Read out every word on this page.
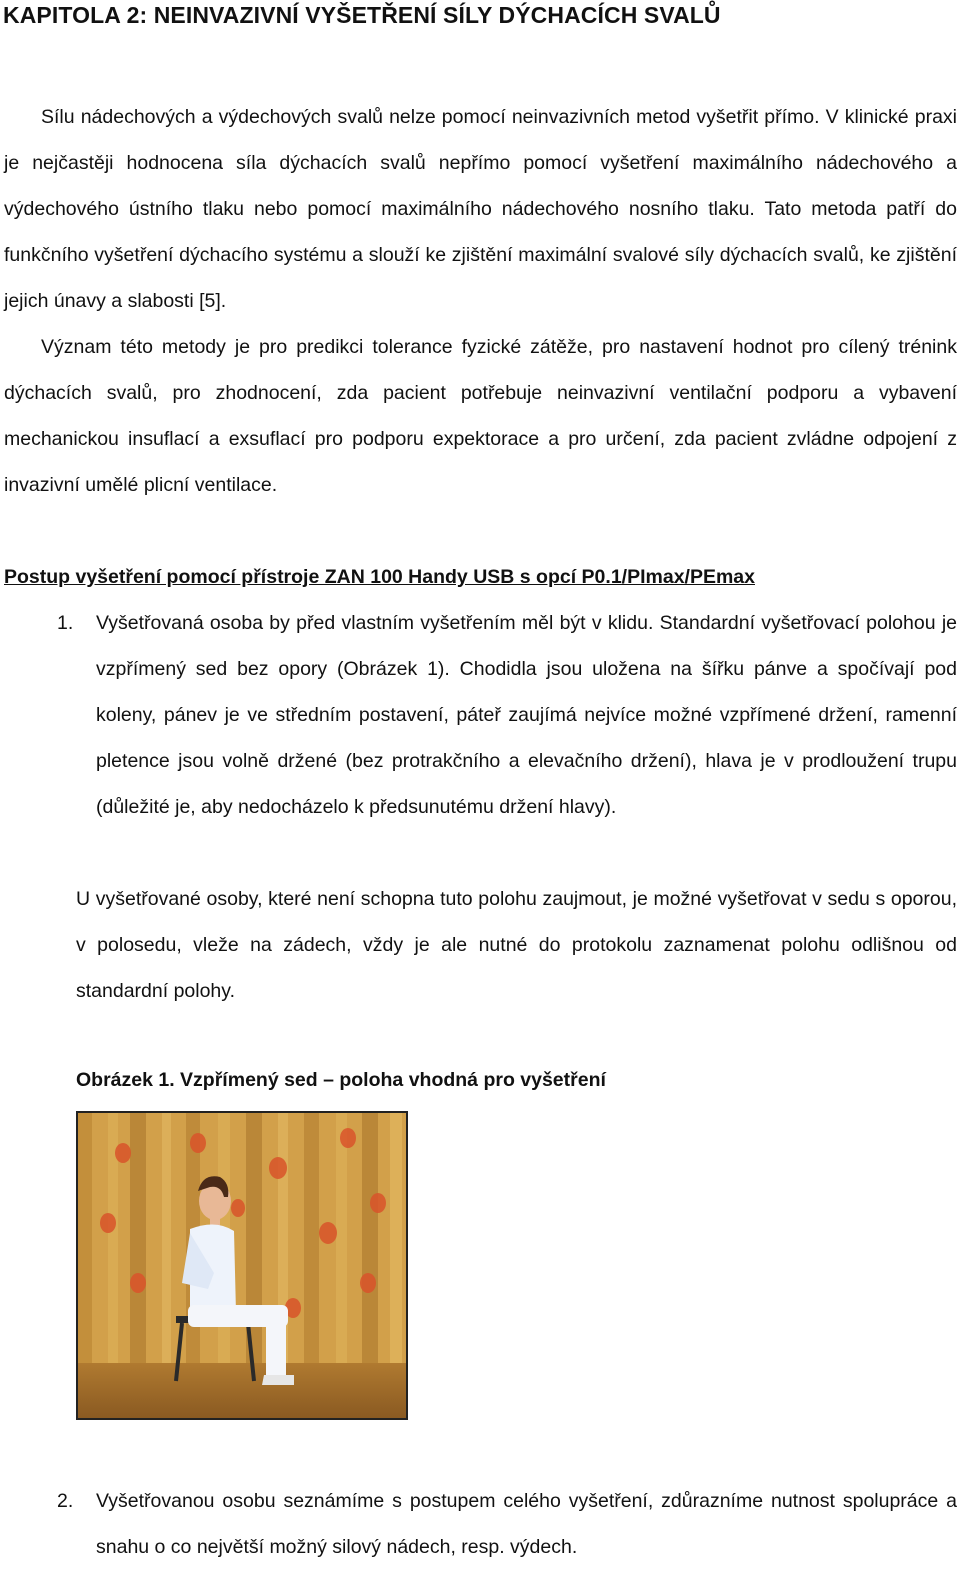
KAPITOLA 2: NEINVAZIVNÍ VYŠETŘENÍ SÍLY DÝCHACÍCH SVALŮ

Sílu nádechových a výdechových svalů nelze pomocí neinvazivních metod vyšetřit přímo. V klinické praxi je nejčastěji hodnocena síla dýchacích svalů nepřímo pomocí vyšetření maximálního nádechového a výdechového ústního tlaku nebo pomocí maximálního nádechového nosního tlaku. Tato metoda patří do funkčního vyšetření dýchacího systému a slouží ke zjištění maximální svalové síly dýchacích svalů, ke zjištění jejich únavy a slabosti [5].

Význam této metody je pro predikci tolerance fyzické zátěže, pro nastavení hodnot pro cílený trénink dýchacích svalů, pro zhodnocení, zda pacient potřebuje neinvazivní ventilační podporu a vybavení mechanickou insuflací a exsuflací pro podporu expektorace a pro určení, zda pacient zvládne odpojení z invazivní umělé plicní ventilace.

Postup vyšetření pomocí přístroje ZAN 100 Handy USB s opcí P0.1/PImax/PEmax
1. Vyšetřovaná osoba by před vlastním vyšetřením měl být v klidu. Standardní vyšetřovací polohou je vzpřímený sed bez opory (Obrázek 1). Chodidla jsou uložena na šířku pánve a spočívají pod koleny, pánev je ve středním postavení, páteř zaujímá nejvíce možné vzpřímené držení, ramenní pletence jsou volně držené (bez protrakčního a elevačního držení), hlava je v prodloužení trupu (důležité je, aby nedocházelo k předsunutému držení hlavy).

U vyšetřované osoby, které není schopna tuto polohu zaujmout, je možné vyšetřovat v sedu s oporou, v polosedu, vleže na zádech, vždy je ale nutné do protokolu zaznamenat polohu odlišnou od standardní polohy.

Obrázek 1. Vzpřímený sed – poloha vhodná pro vyšetření
2. Vyšetřovanou osobu seznámíme s postupem celého vyšetření, zdůrazníme nutnost spolupráce a snahu o co největší možný silový nádech, resp. výdech.
